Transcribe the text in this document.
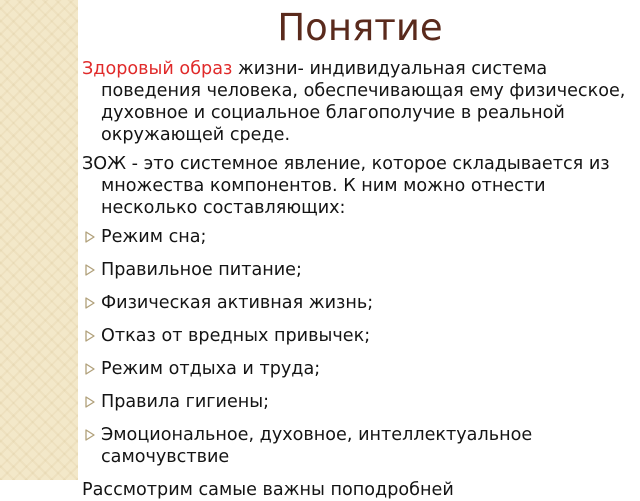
Понятие

Здоровый образ жизни- индивидуальная система поведения человека, обеспечивающая ему физическое, духовное и социальное благополучие в реальной окружающей среде.

ЗОЖ - это системное явление, которое складывается из множества компонентов. К ним можно отнести несколько составляющих:

Режим сна;
Правильное питание;
Физическая активная жизнь;
Отказ от вредных привычек;
Режим отдыха и труда;
Правила гигиены;
Эмоциональное, духовное, интеллектуальное самочувствие

Рассмотрим самые важны поподробней
